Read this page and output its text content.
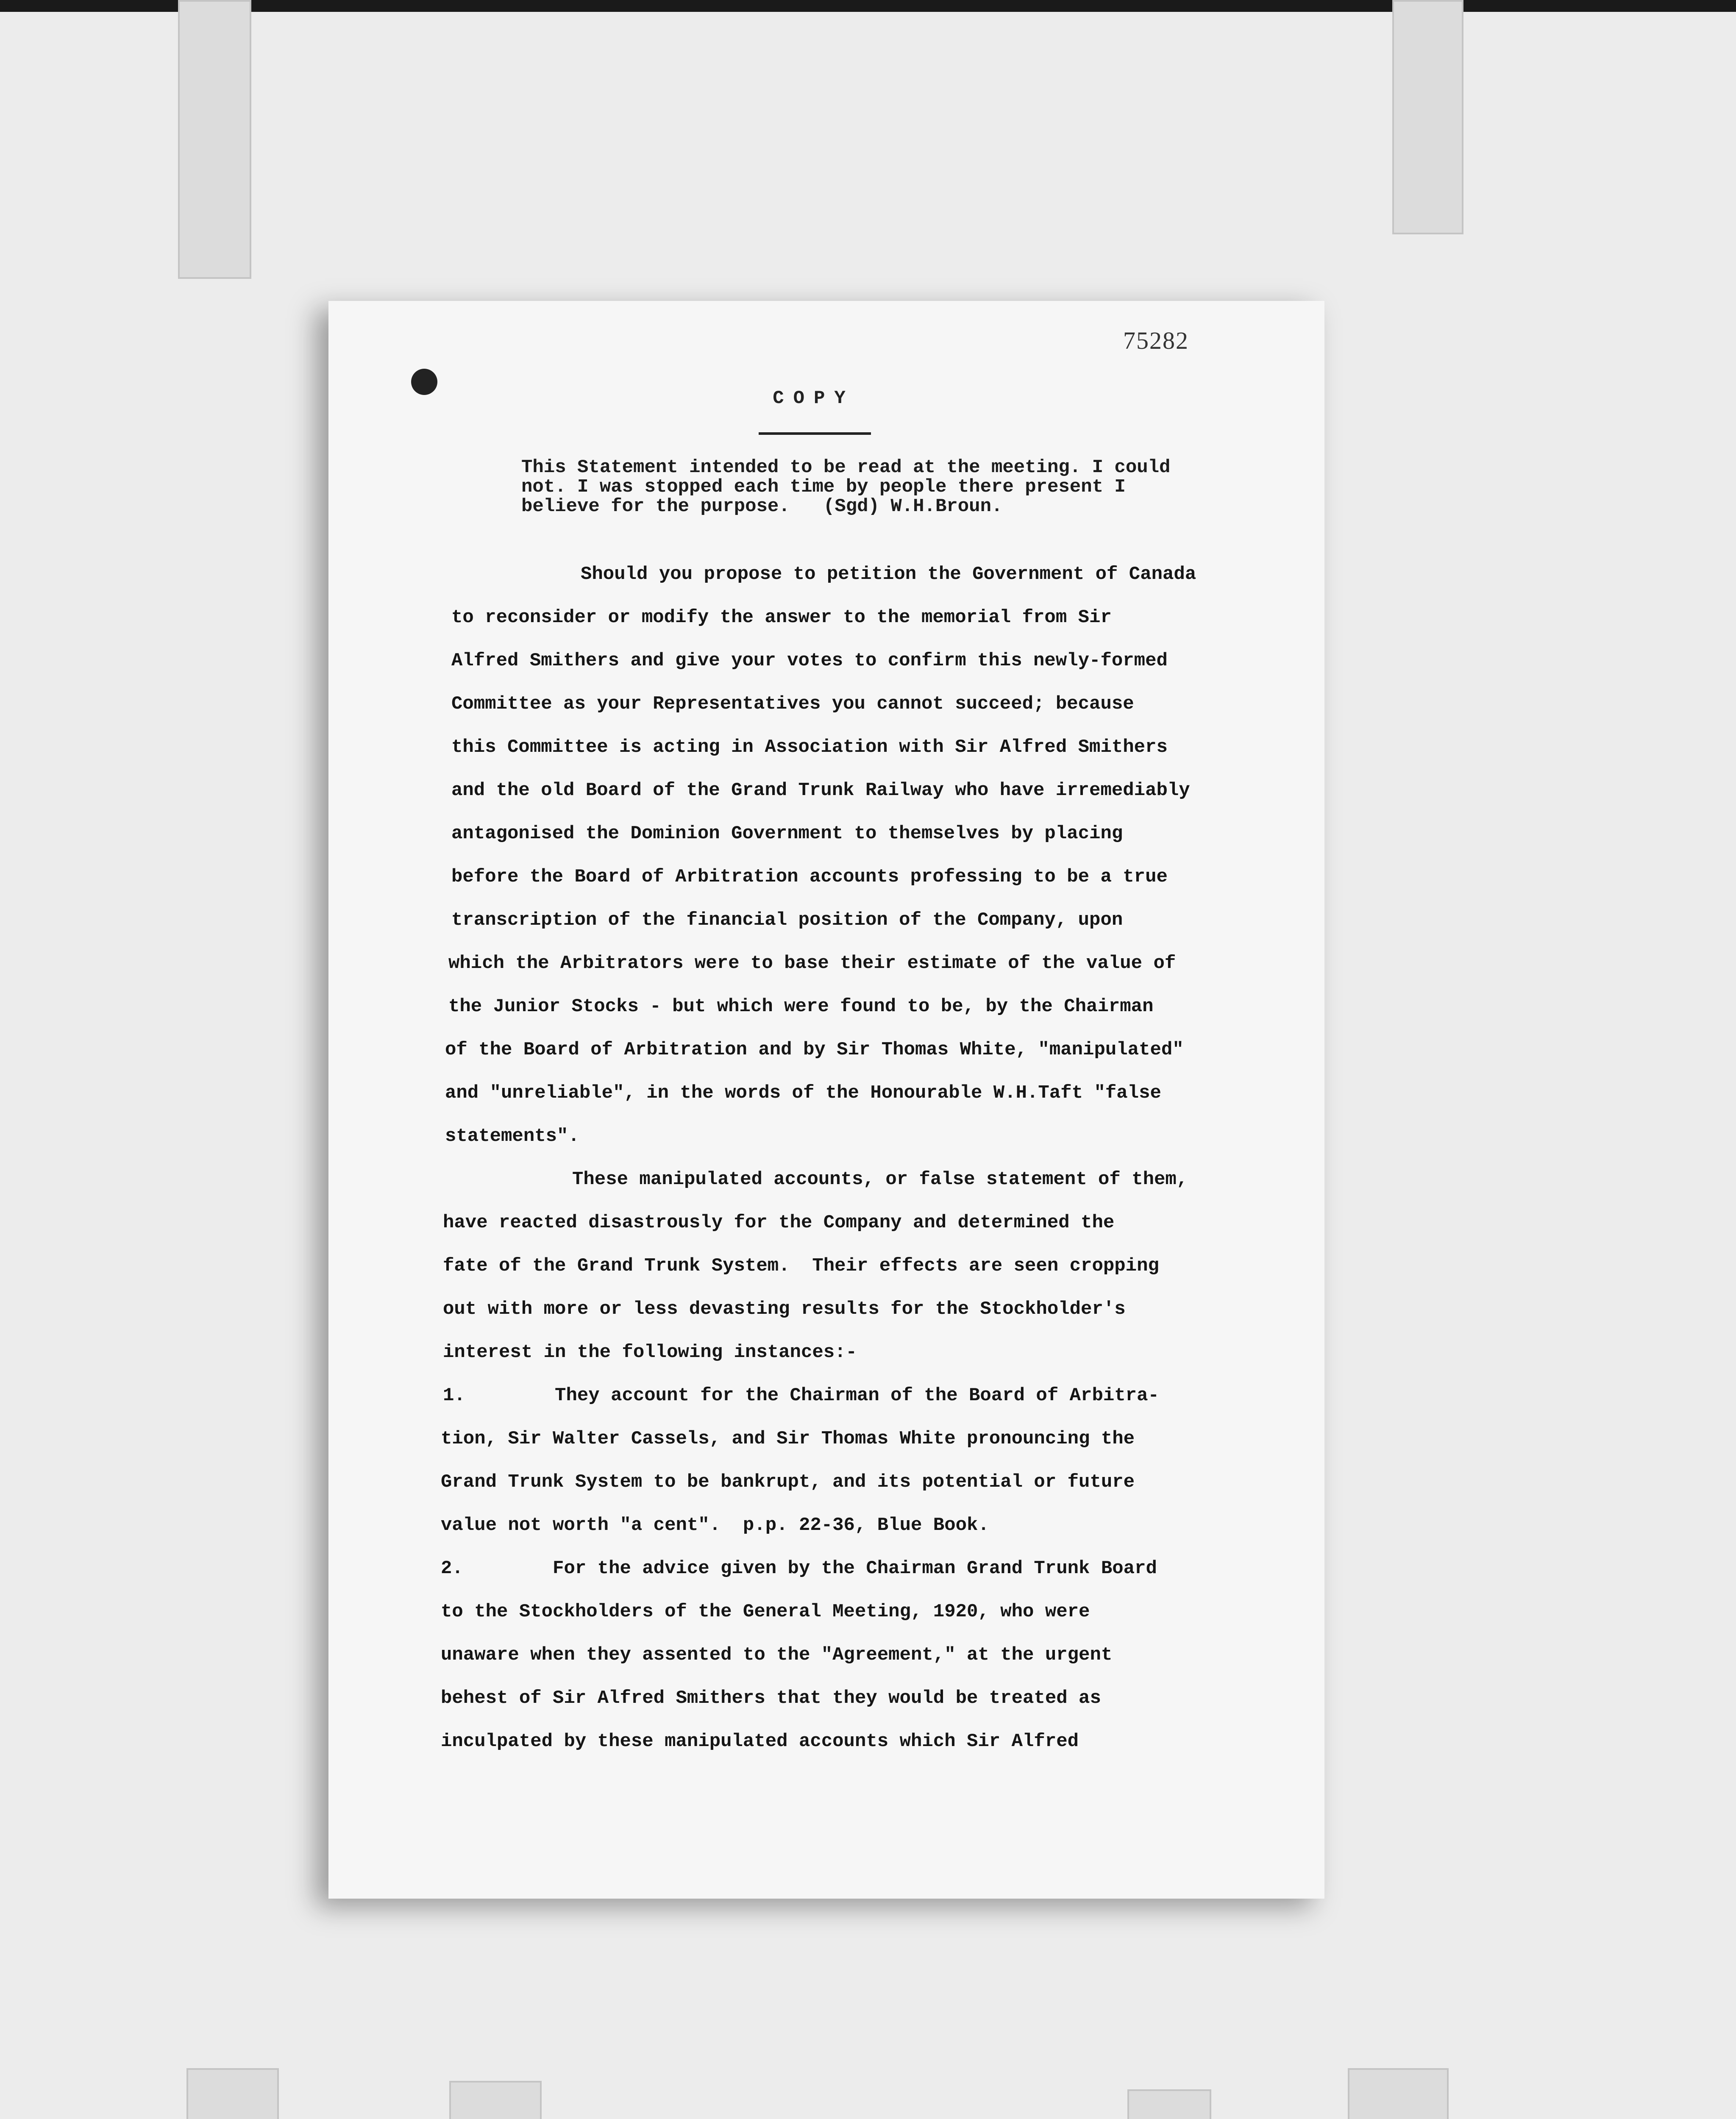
75282
COPY
This Statement intended to be read at the meeting. I could
not. I was stopped each time by people there present I
believe for the purpose.   (Sgd) W.H.Broun.
Should you propose to petition the Government of Canada
to reconsider or modify the answer to the memorial from Sir
Alfred Smithers and give your votes to confirm this newly-formed
Committee as your Representatives you cannot succeed; because
this Committee is acting in Association with Sir Alfred Smithers
and the old Board of the Grand Trunk Railway who have irremediably
antagonised the Dominion Government to themselves by placing
before the Board of Arbitration accounts professing to be a true
transcription of the financial position of the Company, upon
which the Arbitrators were to base their estimate of the value of
the Junior Stocks - but which were found to be, by the Chairman
of the Board of Arbitration and by Sir Thomas White, "manipulated"
and "unreliable", in the words of the Honourable W.H.Taft "false
statements".
These manipulated accounts, or false statement of them,
have reacted disastrously for the Company and determined the
fate of the Grand Trunk System.  Their effects are seen cropping
out with more or less devasting results for the Stockholder's
interest in the following instances:-
1.        They account for the Chairman of the Board of Arbitra-
tion, Sir Walter Cassels, and Sir Thomas White pronouncing the
Grand Trunk System to be bankrupt, and its potential or future
value not worth "a cent".  p.p. 22-36, Blue Book.
2.        For the advice given by the Chairman Grand Trunk Board
to the Stockholders of the General Meeting, 1920, who were
unaware when they assented to the "Agreement," at the urgent
behest of Sir Alfred Smithers that they would be treated as
inculpated by these manipulated accounts which Sir Alfred
